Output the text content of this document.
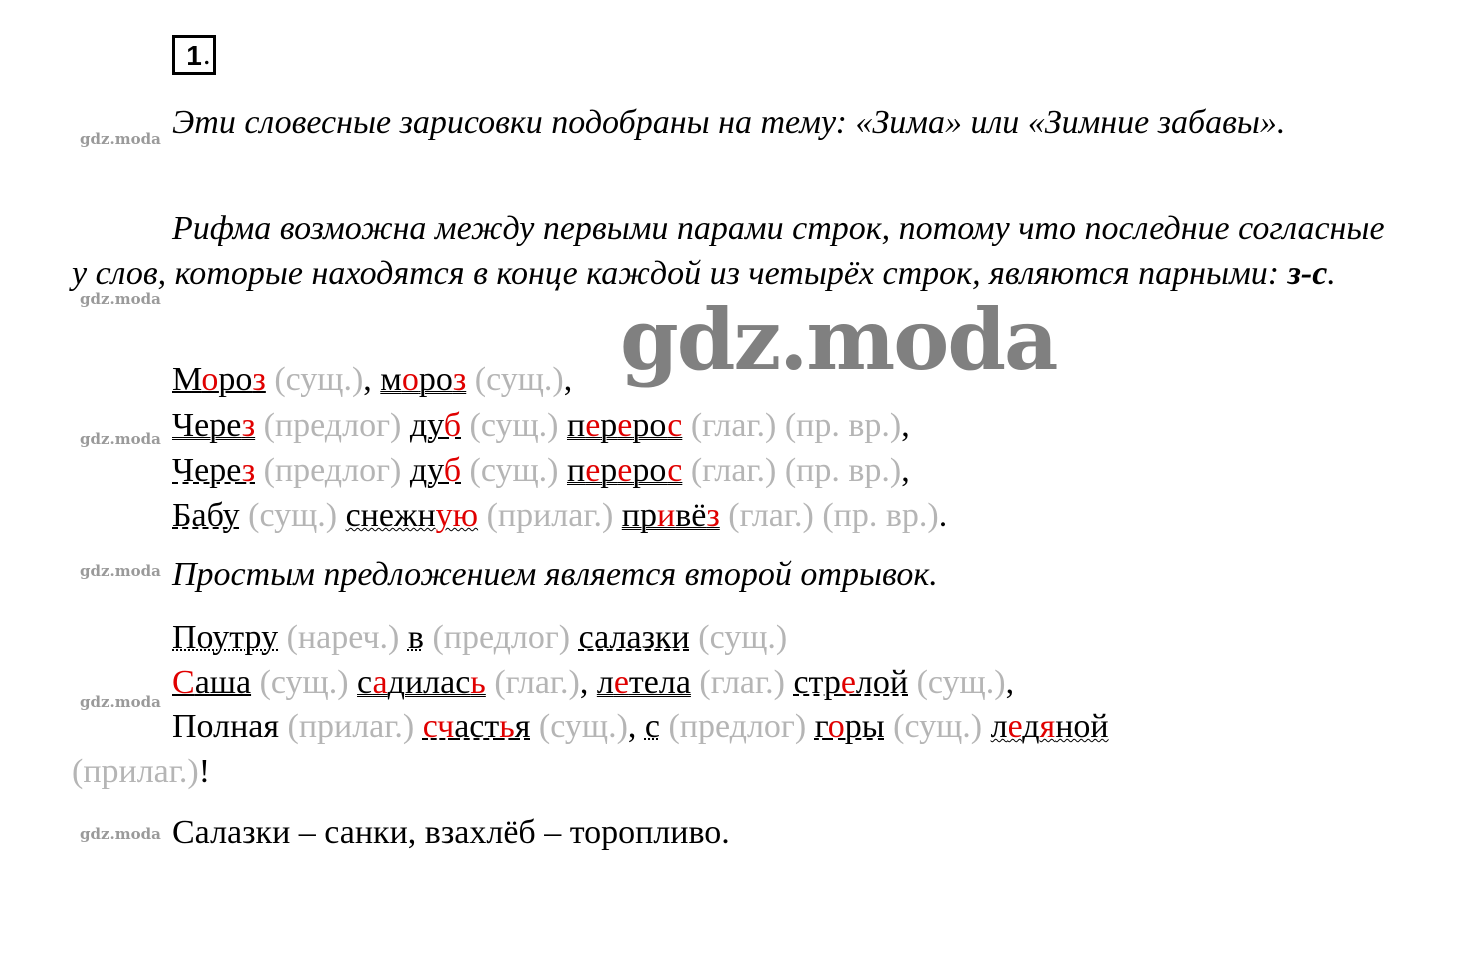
gdz.moda
gdz.moda
gdz.moda
gdz.moda
gdz.moda
gdz.moda
gdz.moda
1 .
Эти словесные зарисовки подобраны на тему: «Зима» или «Зимние забавы».
Рифма возможна между первыми парами строк, потому что последние согласные у слов, которые находятся в конце каждой из четырёх строк, являются парными: з-с.
Мороз (сущ.), мороз (сущ.),
Через (предлог) дуб (сущ.) перерос (глаг.) (пр. вр.),
Через (предлог) дуб (сущ.) перерос (глаг.) (пр. вр.),
Бабу (сущ.) снежную (прилаг.) привёз (глаг.) (пр. вр.).
Простым предложением является второй отрывок.
Поутру (нареч.) в (предлог) салазки (сущ.)
Саша (сущ.) садилась (глаг.), летела (глаг.) стрелой (сущ.),
Полная (прилаг.) счастья (сущ.), с (предлог) горы (сущ.) ледяной
(прилаг.)!
Салазки – санки, взахлёб – торопливо.
